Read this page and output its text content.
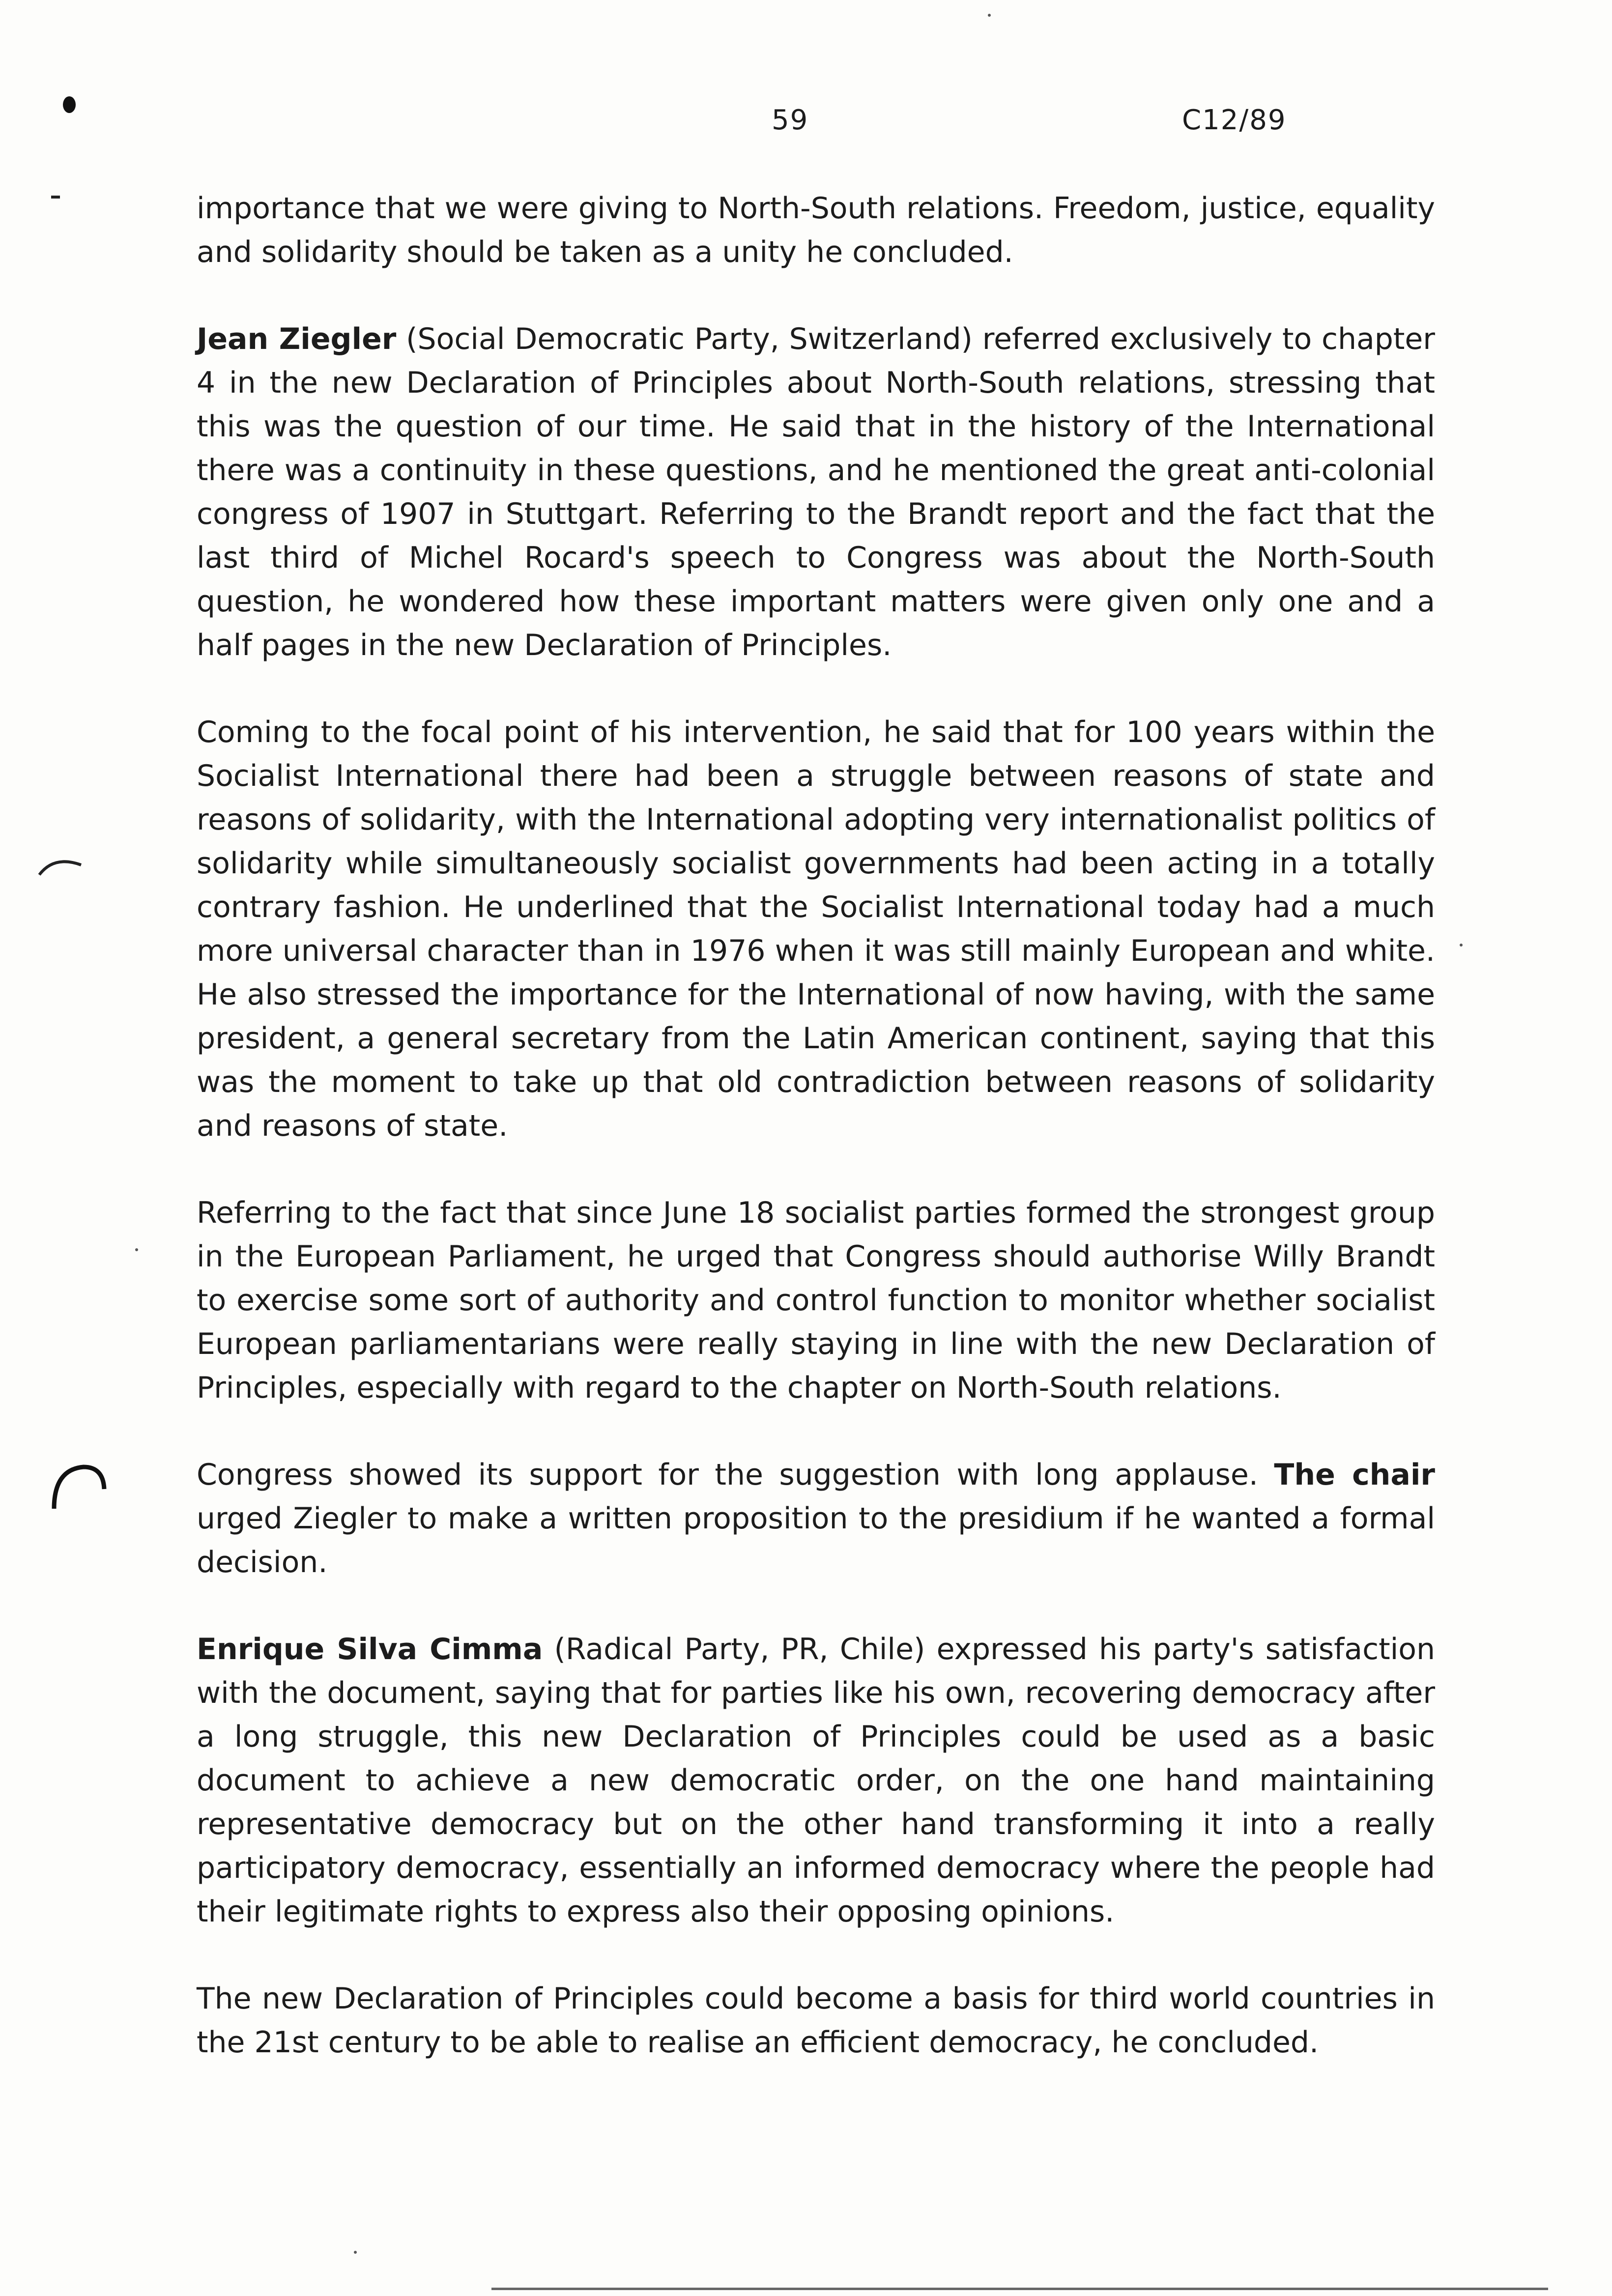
59	C12/89

importance that we were giving to North-South relations. Freedom, justice, equality and solidarity should be taken as a unity he concluded.

Jean Ziegler (Social Democratic Party, Switzerland) referred exclusively to chapter 4 in the new Declaration of Principles about North-South relations, stressing that this was the question of our time. He said that in the history of the International there was a continuity in these questions, and he mentioned the great anti-colonial congress of 1907 in Stuttgart. Referring to the Brandt report and the fact that the last third of Michel Rocard's speech to Congress was about the North-South question, he wondered how these important matters were given only one and a half pages in the new Declaration of Principles.

Coming to the focal point of his intervention, he said that for 100 years within the Socialist International there had been a struggle between reasons of state and reasons of solidarity, with the International adopting very internationalist politics of solidarity while simultaneously socialist governments had been acting in a totally contrary fashion. He underlined that the Socialist International today had a much more universal character than in 1976 when it was still mainly European and white. He also stressed the importance for the International of now having, with the same president, a general secretary from the Latin American continent, saying that this was the moment to take up that old contradiction between reasons of solidarity and reasons of state.

Referring to the fact that since June 18 socialist parties formed the strongest group in the European Parliament, he urged that Congress should authorise Willy Brandt to exercise some sort of authority and control function to monitor whether socialist European parliamentarians were really staying in line with the new Declaration of Principles, especially with regard to the chapter on North-South relations.

Congress showed its support for the suggestion with long applause. The chair urged Ziegler to make a written proposition to the presidium if he wanted a formal decision.

Enrique Silva Cimma (Radical Party, PR, Chile) expressed his party's satisfaction with the document, saying that for parties like his own, recovering democracy after a long struggle, this new Declaration of Principles could be used as a basic document to achieve a new democratic order, on the one hand maintaining representative democracy but on the other hand transforming it into a really participatory democracy, essentially an informed democracy where the people had their legitimate rights to express also their opposing opinions.

The new Declaration of Principles could become a basis for third world countries in the 21st century to be able to realise an efficient democracy, he concluded.
